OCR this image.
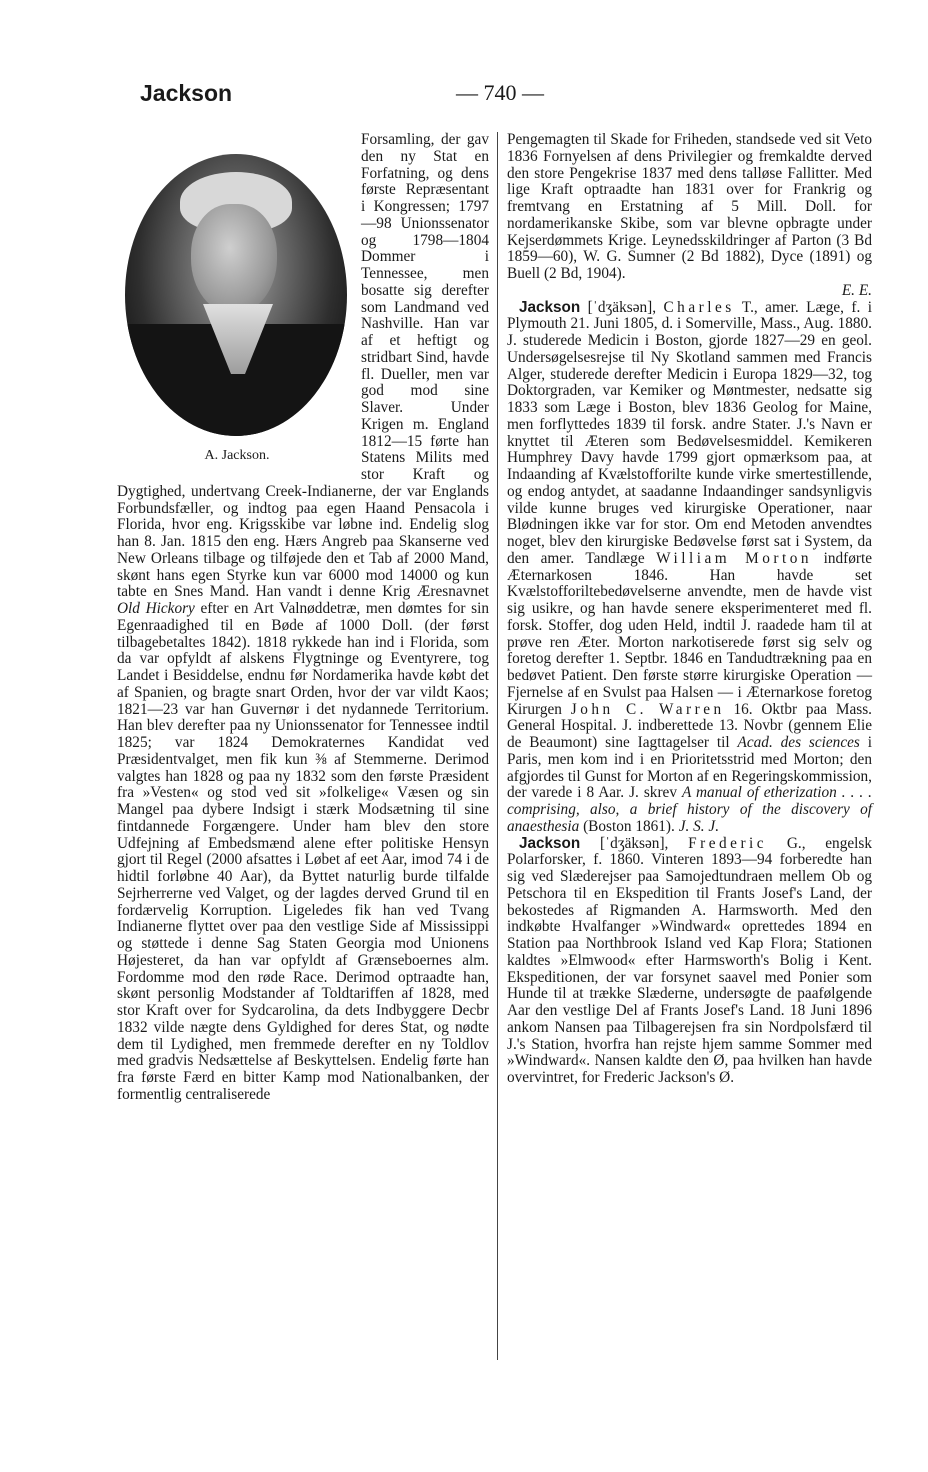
Jackson	— 740 —

A. Jackson.
Forsamling, der gav den ny Stat en Forfatning, og dens første Repræsentant i Kongressen; 1797—98 Unionssenator og 1798—1804 Dommer i Tennessee, men bosatte sig derefter som Landmand ved Nashville. Han var af et heftigt og stridbart Sind, havde fl. Dueller, men var god mod sine Slaver. Under Krigen m. England 1812—15 førte han Statens Milits med stor Kraft og Dygtighed, undertvang Creek-Indianerne, der var Englands Forbundsfæller, og indtog paa egen Haand Pensacola i Florida, hvor eng. Krigsskibe var løbne ind. Endelig slog han 8. Jan. 1815 den eng. Hærs Angreb paa Skanserne ved New Orleans tilbage og tilføjede den et Tab af 2000 Mand, skønt hans egen Styrke kun var 6000 mod 14000 og kun tabte en Snes Mand. Han vandt i denne Krig Æresnavnet Old Hickory efter en Art Valnøddetræ, men dømtes for sin Egenraadighed til en Bøde af 1000 Doll. (der først tilbagebetaltes 1842). 1818 rykkede han ind i Florida, som da var opfyldt af alskens Flygtninge og Eventyrere, tog Landet i Besiddelse, endnu før Nordamerika havde købt det af Spanien, og bragte snart Orden, hvor der var vildt Kaos; 1821—23 var han Guvernør i det nydannede Territorium. Han blev derefter paa ny Unionssenator for Tennessee indtil 1825; var 1824 Demokraternes Kandidat ved Præsidentvalget, men fik kun ⅜ af Stemmerne. Derimod valgtes han 1828 og paa ny 1832 som den første Præsident fra »Vesten« og stod ved sit »folkelige« Væsen og sin Mangel paa dybere Indsigt i stærk Modsætning til sine fintdannede Forgængere. Under ham blev den store Udfejning af Embedsmænd alene efter politiske Hensyn gjort til Regel (2000 afsattes i Løbet af eet Aar, imod 74 i de hidtil forløbne 40 Aar), da Byttet naturlig burde tilfalde Sejrherrerne ved Valget, og der lagdes derved Grund til en fordærvelig Korruption. Ligeledes fik han ved Tvang Indianerne flyttet over paa den vestlige Side af Mississippi og støttede i denne Sag Staten Georgia mod Unionens Højesteret, da han var opfyldt af Grænseboernes alm. Fordomme mod den røde Race. Derimod optraadte han, skønt personlig Modstander af Toldtariffen af 1828, med stor Kraft over for Sydcarolina, da dets Indbyggere Decbr 1832 vilde nægte dens Gyldighed for deres Stat, og nødte dem til Lydighed, men fremmede derefter en ny Toldlov med gradvis Nedsættelse af Beskyttelsen. Endelig førte han fra første Færd en bitter Kamp mod Nationalbanken, der formentlig centraliserede

Pengemagten til Skade for Friheden, standsede ved sit Veto 1836 Fornyelsen af dens Privilegier og fremkaldte derved den store Pengekrise 1837 med dens talløse Fallitter. Med lige Kraft optraadte han 1831 over for Frankrig og fremtvang en Erstatning af 5 Mill. Doll. for nordamerikanske Skibe, som var blevne opbragte under Kejserdømmets Krige. Leynedsskildringer af Parton (3 Bd 1859—60), W. G. Sumner (2 Bd 1882), Dyce (1891) og Buell (2 Bd, 1904).
E. E.

Jackson [ˈdʒäksən], Charles T., amer. Læge, f. i Plymouth 21. Juni 1805, d. i Somerville, Mass., Aug. 1880. J. studerede Medicin i Boston, gjorde 1827—29 en geol. Undersøgelsesrejse til Ny Skotland sammen med Francis Alger, studerede derefter Medicin i Europa 1829—32, tog Doktorgraden, var Kemiker og Møntmester, nedsatte sig 1833 som Læge i Boston, blev 1836 Geolog for Maine, men forflyttedes 1839 til forsk. andre Stater. J.'s Navn er knyttet til Æteren som Bedøvelsesmiddel. Kemikeren Humphrey Davy havde 1799 gjort opmærksom paa, at Indaanding af Kvælstofforilte kunde virke smertestillende, og endog antydet, at saadanne Indaandinger sandsynligvis vilde kunne bruges ved kirurgiske Operationer, naar Blødningen ikke var for stor. Om end Metoden anvendtes noget, blev den kirurgiske Bedøvelse først sat i System, da den amer. Tandlæge William Morton indførte Æternarkosen 1846. Han havde set Kvælstofforiltebedøvelserne anvendte, men de havde vist sig usikre, og han havde senere eksperimenteret med fl. forsk. Stoffer, dog uden Held, indtil J. raadede ham til at prøve ren Æter. Morton narkotiserede først sig selv og foretog derefter 1. Septbr. 1846 en Tandudtrækning paa en bedøvet Patient. Den første større kirurgiske Operation — Fjernelse af en Svulst paa Halsen — i Æternarkose foretog Kirurgen John C. Warren 16. Oktbr paa Mass. General Hospital. J. indberettede 13. Novbr (gennem Elie de Beaumont) sine Iagttagelser til Acad. des sciences i Paris, men kom ind i en Prioritetsstrid med Morton; den afgjordes til Gunst for Morton af en Regeringskommission, der varede i 8 Aar. J. skrev A manual of etherization . . . . comprising, also, a brief history of the discovery of anaesthesia (Boston 1861). J. S. J.

Jackson [ˈdʒäksən], Frederic G., engelsk Polarforsker, f. 1860. Vinteren 1893—94 forberedte han sig ved Slæderejser paa Samojedtundraen mellem Ob og Petschora til en Ekspedition til Frants Josef's Land, der bekostedes af Rigmanden A. Harmsworth. Med den indkøbte Hvalfanger »Windward« oprettedes 1894 en Station paa Northbrook Island ved Kap Flora; Stationen kaldtes »Elmwood« efter Harmsworth's Bolig i Kent. Ekspeditionen, der var forsynet saavel med Ponier som Hunde til at trække Slæderne, undersøgte de paafølgende Aar den vestlige Del af Frants Josef's Land. 18 Juni 1896 ankom Nansen paa Tilbagerejsen fra sin Nordpolsfærd til J.'s Station, hvorfra han rejste hjem samme Sommer med »Windward«. Nansen kaldte den Ø, paa hvilken han havde overvintret, for Frederic Jackson's Ø.
